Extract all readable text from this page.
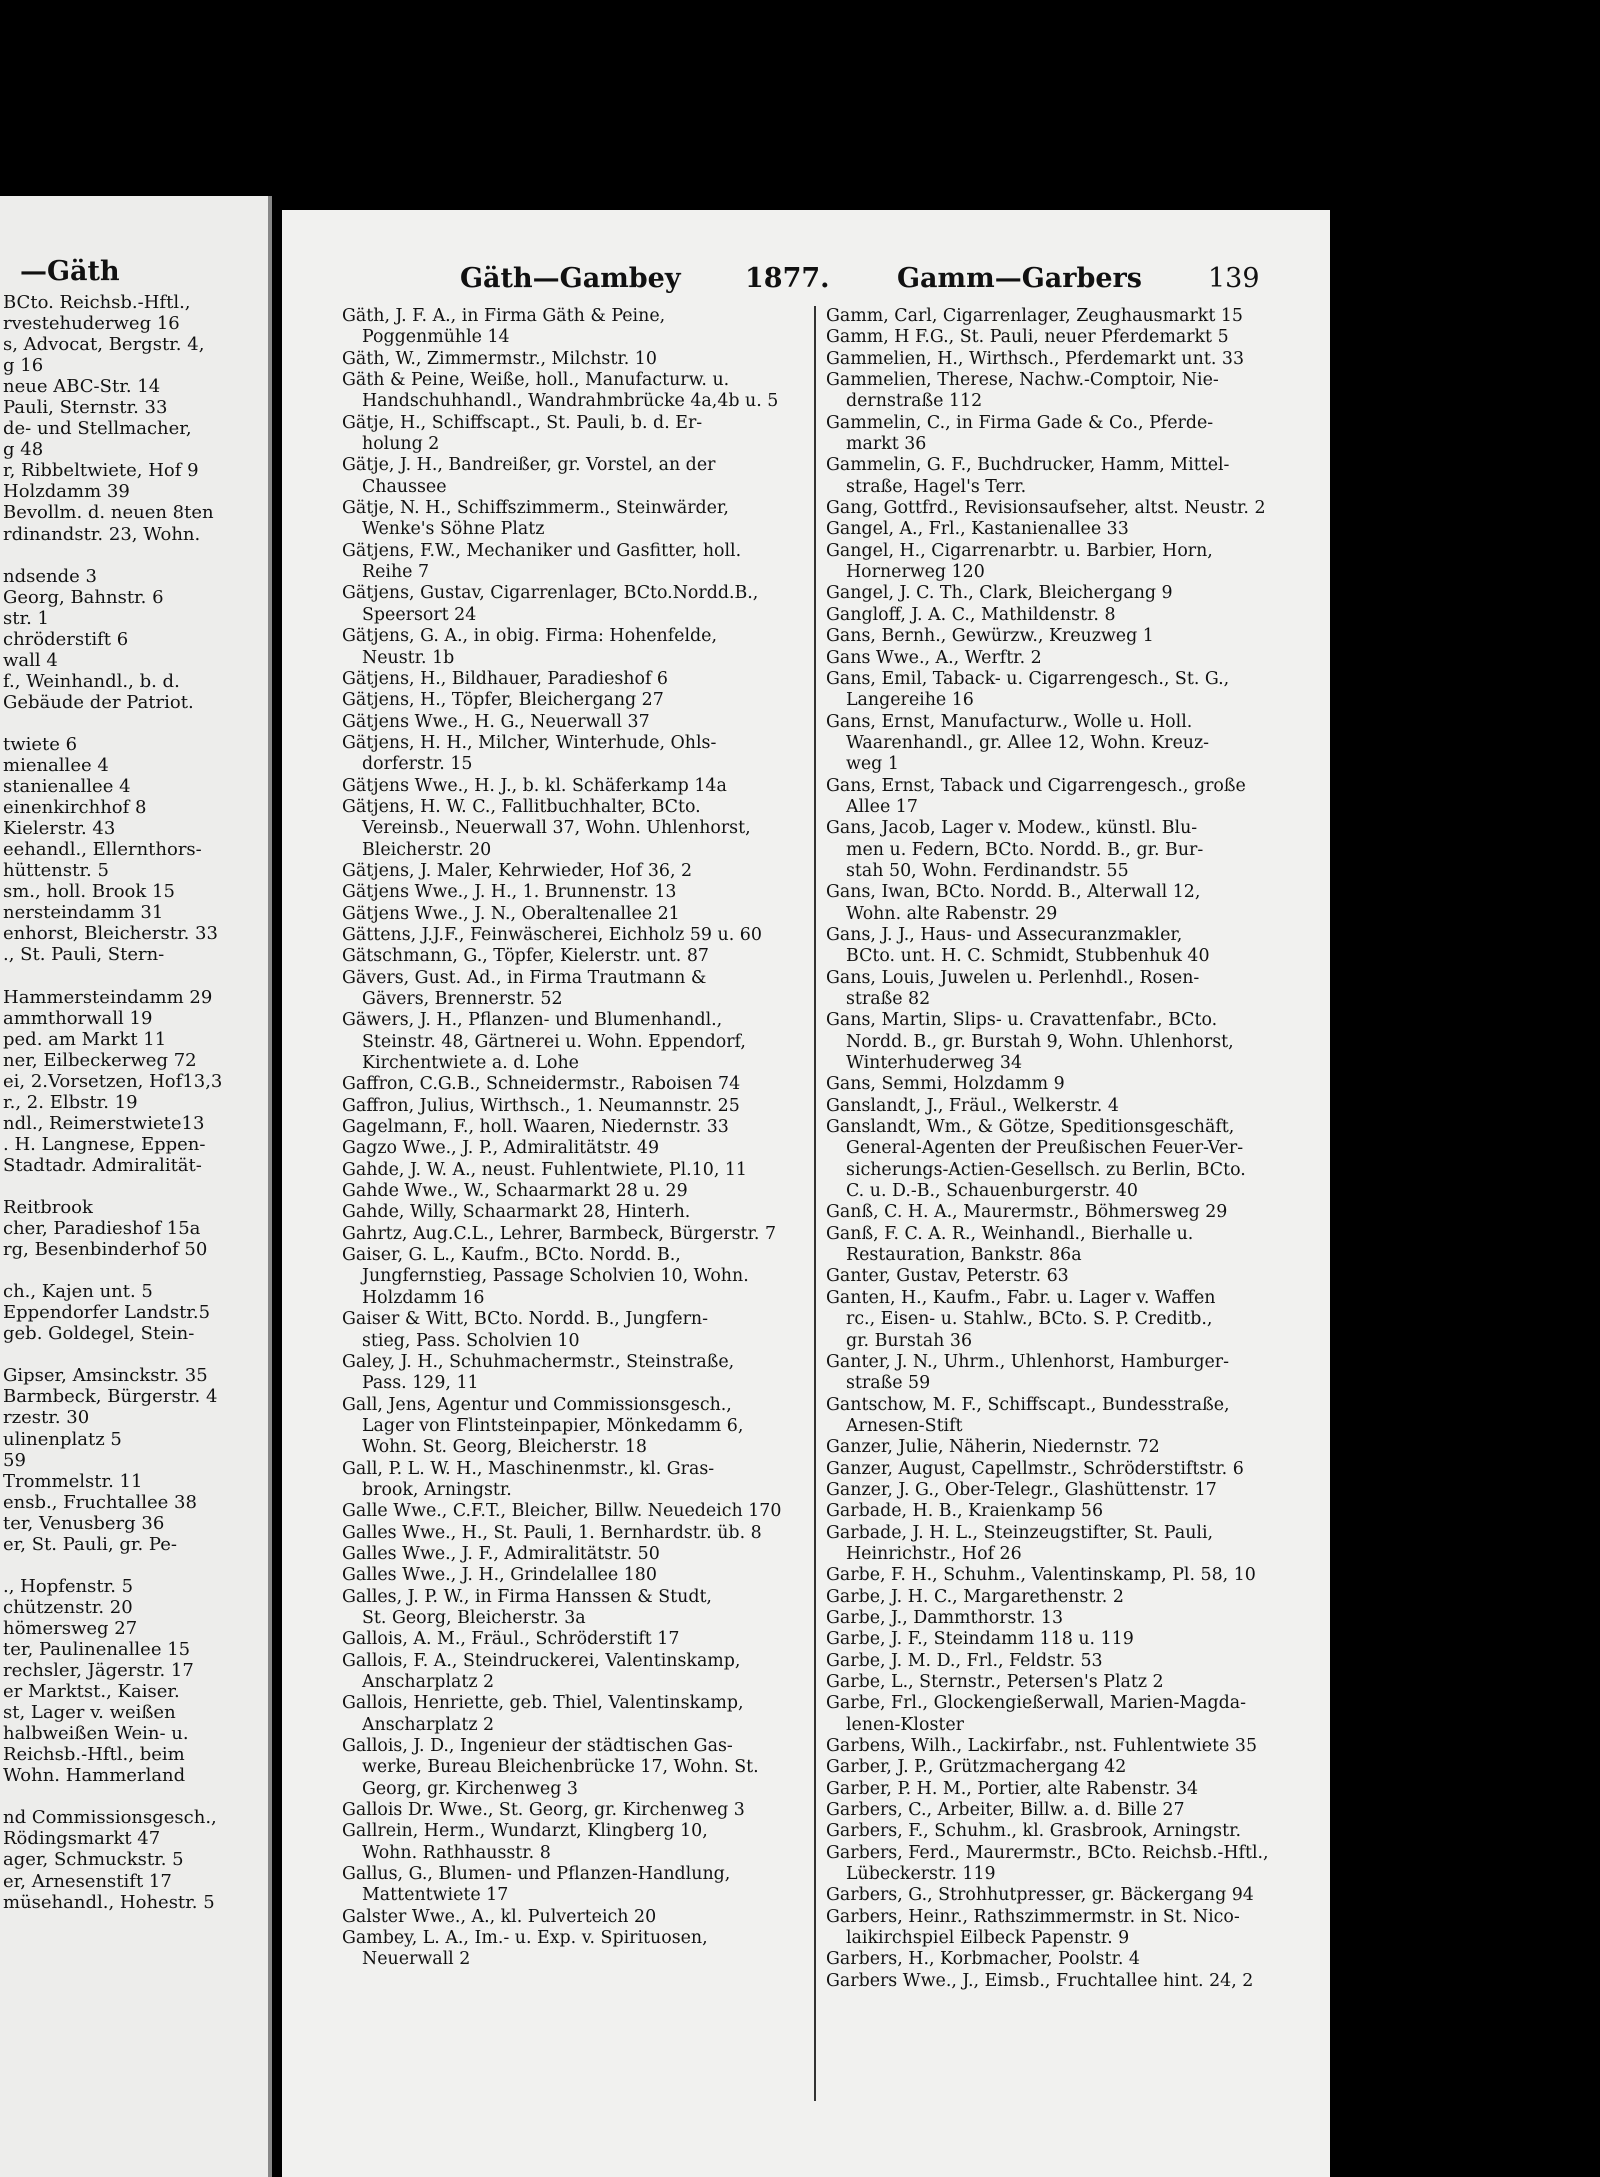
—Gäth
BCto. Reichsb.-Hftl.,
rvestehuderweg 16
s, Advocat, Bergstr. 4,
g 16
neue ABC-Str. 14
Pauli, Sternstr. 33
de- und Stellmacher,
g 48
r, Ribbeltwiete, Hof 9
Holzdamm 39
Bevollm. d. neuen 8ten
rdinandstr. 23, Wohn.
ndsende 3
Georg, Bahnstr. 6
str. 1
chröderstift 6
wall 4
f., Weinhandl., b. d.
Gebäude der Patriot.
twiete 6
mienallee 4
stanienallee 4
einenkirchhof 8
Kielerstr. 43
eehandl., Ellernthors-
hüttenstr. 5
sm., holl. Brook 15
nersteindamm 31
enhorst, Bleicherstr. 33
., St. Pauli, Stern-
Hammersteindamm 29
ammthorwall 19
ped. am Markt 11
ner, Eilbeckerweg 72
ei, 2.Vorsetzen, Hof13,3
r., 2. Elbstr. 19
ndl., Reimerstwiete13
. H. Langnese, Eppen-
Stadtadr. Admiralität-
Reitbrook
cher, Paradieshof 15a
rg, Besenbinderhof 50
ch., Kajen unt. 5
Eppendorfer Landstr.5
geb. Goldegel, Stein-
Gipser, Amsinckstr. 35
Barmbeck, Bürgerstr. 4
rzestr. 30
ulinenplatz 5
59
Trommelstr. 11
ensb., Fruchtallee 38
ter, Venusberg 36
er, St. Pauli, gr. Pe-
., Hopfenstr. 5
chützenstr. 20
hömersweg 27
ter, Paulinenallee 15
rechsler, Jägerstr. 17
er Marktst., Kaiser.
st, Lager v. weißen
halbweißen Wein- u.
Reichsb.-Hftl., beim
Wohn. Hammerland
nd Commissionsgesch.,
Rödingsmarkt 47
ager, Schmuckstr. 5
er, Arnesenstift 17
müsehandl., Hohestr. 5
Gäth—Gambey 1877. Gamm—Garbers 139
Gäth, J. F. A., in Firma Gäth & Peine,
Poggenmühle 14
Gäth, W., Zimmermstr., Milchstr. 10
Gäth & Peine, Weiße, holl., Manufacturw. u.
Handschuhhandl., Wandrahmbrücke 4a,4b u. 5
Gätje, H., Schiffscapt., St. Pauli, b. d. Er-
holung 2
Gätje, J. H., Bandreißer, gr. Vorstel, an der
Chaussee
Gätje, N. H., Schiffszimmerm., Steinwärder,
Wenke's Söhne Platz
Gätjens, F.W., Mechaniker und Gasfitter, holl.
Reihe 7
Gätjens, Gustav, Cigarrenlager, BCto.Nordd.B.,
Speersort 24
Gätjens, G. A., in obig. Firma: Hohenfelde,
Neustr. 1b
Gätjens, H., Bildhauer, Paradieshof 6
Gätjens, H., Töpfer, Bleichergang 27
Gätjens Wwe., H. G., Neuerwall 37
Gätjens, H. H., Milcher, Winterhude, Ohls-
dorferstr. 15
Gätjens Wwe., H. J., b. kl. Schäferkamp 14a
Gätjens, H. W. C., Fallitbuchhalter, BCto.
Vereinsb., Neuerwall 37, Wohn. Uhlenhorst,
Bleicherstr. 20
Gätjens, J. Maler, Kehrwieder, Hof 36, 2
Gätjens Wwe., J. H., 1. Brunnenstr. 13
Gätjens Wwe., J. N., Oberaltenallee 21
Gättens, J.J.F., Feinwäscherei, Eichholz 59 u. 60
Gätschmann, G., Töpfer, Kielerstr. unt. 87
Gävers, Gust. Ad., in Firma Trautmann &
Gävers, Brennerstr. 52
Gäwers, J. H., Pflanzen- und Blumenhandl.,
Steinstr. 48, Gärtnerei u. Wohn. Eppendorf,
Kirchentwiete a. d. Lohe
Gaffron, C.G.B., Schneidermstr., Raboisen 74
Gaffron, Julius, Wirthsch., 1. Neumannstr. 25
Gagelmann, F., holl. Waaren, Niedernstr. 33
Gagzo Wwe., J. P., Admiralitätstr. 49
Gahde, J. W. A., neust. Fuhlentwiete, Pl.10, 11
Gahde Wwe., W., Schaarmarkt 28 u. 29
Gahde, Willy, Schaarmarkt 28, Hinterh.
Gahrtz, Aug.C.L., Lehrer, Barmbeck, Bürgerstr. 7
Gaiser, G. L., Kaufm., BCto. Nordd. B.,
Jungfernstieg, Passage Scholvien 10, Wohn.
Holzdamm 16
Gaiser & Witt, BCto. Nordd. B., Jungfern-
stieg, Pass. Scholvien 10
Galey, J. H., Schuhmachermstr., Steinstraße,
Pass. 129, 11
Gall, Jens, Agentur und Commissionsgesch.,
Lager von Flintsteinpapier, Mönkedamm 6,
Wohn. St. Georg, Bleicherstr. 18
Gall, P. L. W. H., Maschinenmstr., kl. Gras-
brook, Arningstr.
Galle Wwe., C.F.T., Bleicher, Billw. Neuedeich 170
Galles Wwe., H., St. Pauli, 1. Bernhardstr. üb. 8
Galles Wwe., J. F., Admiralitätstr. 50
Galles Wwe., J. H., Grindelallee 180
Galles, J. P. W., in Firma Hanssen & Studt,
St. Georg, Bleicherstr. 3a
Gallois, A. M., Fräul., Schröderstift 17
Gallois, F. A., Steindruckerei, Valentinskamp,
Anscharplatz 2
Gallois, Henriette, geb. Thiel, Valentinskamp,
Anscharplatz 2
Gallois, J. D., Ingenieur der städtischen Gas-
werke, Bureau Bleichenbrücke 17, Wohn. St.
Georg, gr. Kirchenweg 3
Gallois Dr. Wwe., St. Georg, gr. Kirchenweg 3
Gallrein, Herm., Wundarzt, Klingberg 10,
Wohn. Rathhausstr. 8
Gallus, G., Blumen- und Pflanzen-Handlung,
Mattentwiete 17
Galster Wwe., A., kl. Pulverteich 20
Gambey, L. A., Im.- u. Exp. v. Spirituosen,
Neuerwall 2
Gamm, Carl, Cigarrenlager, Zeughausmarkt 15
Gamm, H F.G., St. Pauli, neuer Pferdemarkt 5
Gammelien, H., Wirthsch., Pferdemarkt unt. 33
Gammelien, Therese, Nachw.-Comptoir, Nie-
dernstraße 112
Gammelin, C., in Firma Gade & Co., Pferde-
markt 36
Gammelin, G. F., Buchdrucker, Hamm, Mittel-
straße, Hagel's Terr.
Gang, Gottfrd., Revisionsaufseher, altst. Neustr. 2
Gangel, A., Frl., Kastanienallee 33
Gangel, H., Cigarrenarbtr. u. Barbier, Horn,
Hornerweg 120
Gangel, J. C. Th., Clark, Bleichergang 9
Gangloff, J. A. C., Mathildenstr. 8
Gans, Bernh., Gewürzw., Kreuzweg 1
Gans Wwe., A., Werftr. 2
Gans, Emil, Taback- u. Cigarrengesch., St. G.,
Langereihe 16
Gans, Ernst, Manufacturw., Wolle u. Holl.
Waarenhandl., gr. Allee 12, Wohn. Kreuz-
weg 1
Gans, Ernst, Taback und Cigarrengesch., große
Allee 17
Gans, Jacob, Lager v. Modew., künstl. Blu-
men u. Federn, BCto. Nordd. B., gr. Bur-
stah 50, Wohn. Ferdinandstr. 55
Gans, Iwan, BCto. Nordd. B., Alterwall 12,
Wohn. alte Rabenstr. 29
Gans, J. J., Haus- und Assecuranzmakler,
BCto. unt. H. C. Schmidt, Stubbenhuk 40
Gans, Louis, Juwelen u. Perlenhdl., Rosen-
straße 82
Gans, Martin, Slips- u. Cravattenfabr., BCto.
Nordd. B., gr. Burstah 9, Wohn. Uhlenhorst,
Winterhuderweg 34
Gans, Semmi, Holzdamm 9
Ganslandt, J., Fräul., Welkerstr. 4
Ganslandt, Wm., & Götze, Speditionsgeschäft,
General-Agenten der Preußischen Feuer-Ver-
sicherungs-Actien-Gesellsch. zu Berlin, BCto.
C. u. D.-B., Schauenburgerstr. 40
Ganß, C. H. A., Maurermstr., Böhmersweg 29
Ganß, F. C. A. R., Weinhandl., Bierhalle u.
Restauration, Bankstr. 86a
Ganter, Gustav, Peterstr. 63
Ganten, H., Kaufm., Fabr. u. Lager v. Waffen
rc., Eisen- u. Stahlw., BCto. S. P. Creditb.,
gr. Burstah 36
Ganter, J. N., Uhrm., Uhlenhorst, Hamburger-
straße 59
Gantschow, M. F., Schiffscapt., Bundesstraße,
Arnesen-Stift
Ganzer, Julie, Näherin, Niedernstr. 72
Ganzer, August, Capellmstr., Schröderstiftstr. 6
Ganzer, J. G., Ober-Telegr., Glashüttenstr. 17
Garbade, H. B., Kraienkamp 56
Garbade, J. H. L., Steinzeugstifter, St. Pauli,
Heinrichstr., Hof 26
Garbe, F. H., Schuhm., Valentinskamp, Pl. 58, 10
Garbe, J. H. C., Margarethenstr. 2
Garbe, J., Dammthorstr. 13
Garbe, J. F., Steindamm 118 u. 119
Garbe, J. M. D., Frl., Feldstr. 53
Garbe, L., Sternstr., Petersen's Platz 2
Garbe, Frl., Glockengießerwall, Marien-Magda-
lenen-Kloster
Garbens, Wilh., Lackirfabr., nst. Fuhlentwiete 35
Garber, J. P., Grützmachergang 42
Garber, P. H. M., Portier, alte Rabenstr. 34
Garbers, C., Arbeiter, Billw. a. d. Bille 27
Garbers, F., Schuhm., kl. Grasbrook, Arningstr.
Garbers, Ferd., Maurermstr., BCto. Reichsb.-Hftl.,
Lübeckerstr. 119
Garbers, G., Strohhutpresser, gr. Bäckergang 94
Garbers, Heinr., Rathszimmermstr. in St. Nico-
laikirchspiel Eilbeck Papenstr. 9
Garbers, H., Korbmacher, Poolstr. 4
Garbers Wwe., J., Eimsb., Fruchtallee hint. 24, 2
